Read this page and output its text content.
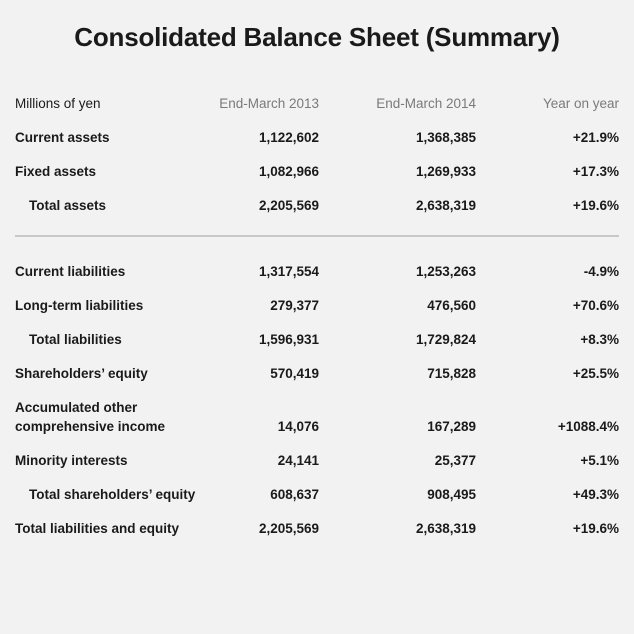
Consolidated Balance Sheet (Summary)
Millions of yen	End-March 2013	End-March 2014	Year on year
Current assets	1,122,602	1,368,385	+21.9%
Fixed assets	1,082,966	1,269,933	+17.3%
Total assets	2,205,569	2,638,319	+19.6%
Current liabilities	1,317,554	1,253,263	-4.9%
Long-term liabilities	279,377	476,560	+70.6%
Total liabilities	1,596,931	1,729,824	+8.3%
Shareholders’ equity	570,419	715,828	+25.5%
Accumulated other
comprehensive income	14,076	167,289	+1088.4%
Minority interests	24,141	25,377	+5.1%
Total shareholders’ equity	608,637	908,495	+49.3%
Total liabilities and equity	2,205,569	2,638,319	+19.6%
